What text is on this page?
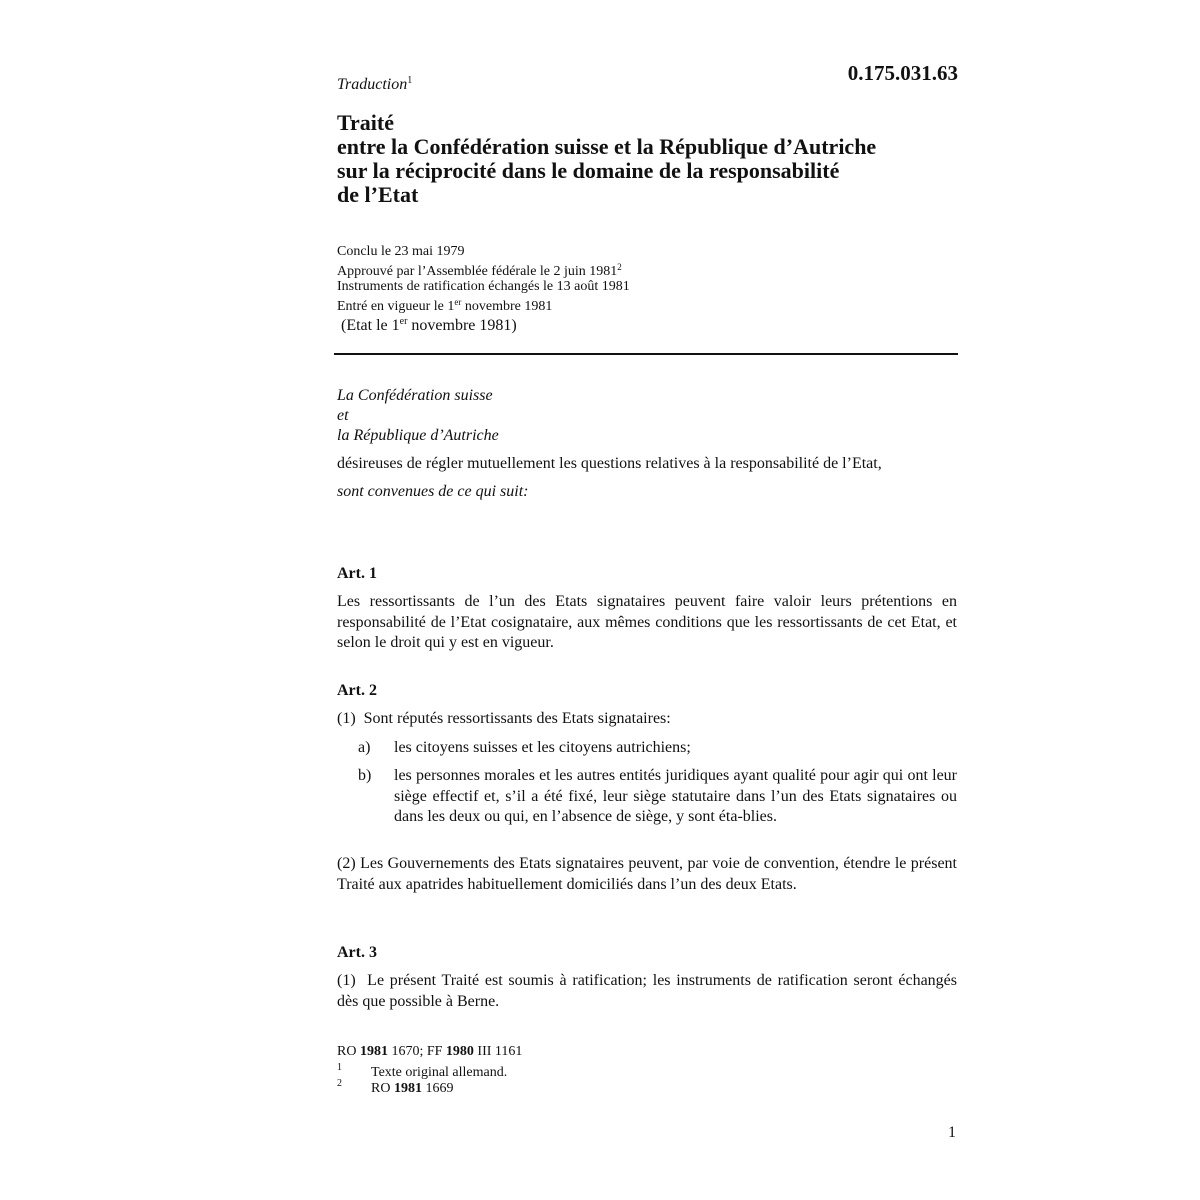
Traduction$^1$	0.175.031.63
Traité
entre la Confédération suisse et la République d’Autriche
sur la réciprocité dans le domaine de la responsabilité
de l’Etat
Conclu le 23 mai 1979
Approuvé par l’Assemblée fédérale le 2 juin 1981$^2$
Instruments de ratification échangés le 13 août 1981
Entré en vigueur le 1er novembre 1981
(Etat le 1er novembre 1981)
La Confédération suisse
et
la République d’Autriche
désireuses de régler mutuellement les questions relatives à la responsabilité de l’Etat,
sont convenues de ce qui suit:
Art. 1
Les ressortissants de l’un des Etats signataires peuvent faire valoir leurs prétentions en responsabilité de l’Etat cosignataire, aux mêmes conditions que les ressortissants de cet Etat, et selon le droit qui y est en vigueur.
Art. 2
(1)  Sont réputés ressortissants des Etats signataires:
a) les citoyens suisses et les citoyens autrichiens;
b) les personnes morales et les autres entités juridiques ayant qualité pour agir qui ont leur siège effectif et, s’il a été fixé, leur siège statutaire dans l’un des Etats signataires ou dans les deux ou qui, en l’absence de siège, y sont éta-blies.
(2) Les Gouvernements des Etats signataires peuvent, par voie de convention, étendre le présent Traité aux apatrides habituellement domiciliés dans l’un des deux Etats.
Art. 3
(1)  Le présent Traité est soumis à ratification; les instruments de ratification seront échangés dès que possible à Berne.
RO 1981 1670; FF 1980 III 1161
1 Texte original allemand.
2 RO 1981 1669
1
